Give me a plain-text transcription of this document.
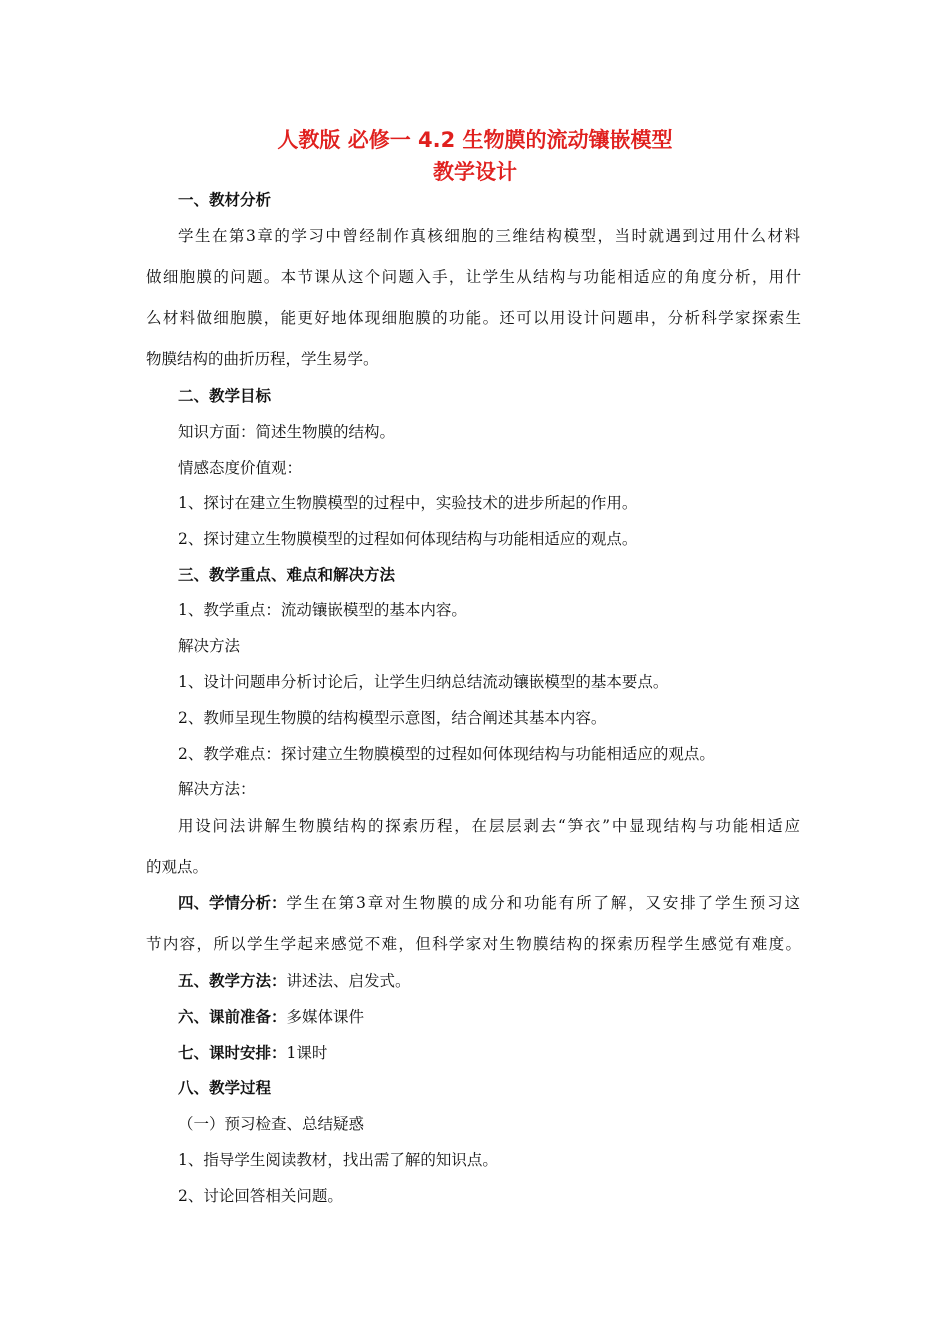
人教版 必修一 4.2 生物膜的流动镶嵌模型
教学设计
一、教材分析
学生在第3章的学习中曾经制作真核细胞的三维结构模型，当时就遇到过用什么材料
做细胞膜的问题。本节课从这个问题入手，让学生从结构与功能相适应的角度分析，用什
么材料做细胞膜，能更好地体现细胞膜的功能。还可以用设计问题串，分析科学家探索生
物膜结构的曲折历程，学生易学。
二、教学目标
知识方面：简述生物膜的结构。
情感态度价值观：
1、探讨在建立生物膜模型的过程中，实验技术的进步所起的作用。
2、探讨建立生物膜模型的过程如何体现结构与功能相适应的观点。
三、教学重点、难点和解决方法
1、教学重点：流动镶嵌模型的基本内容。
解决方法
1、设计问题串分析讨论后，让学生归纳总结流动镶嵌模型的基本要点。
2、教师呈现生物膜的结构模型示意图，结合阐述其基本内容。
2、教学难点：探讨建立生物膜模型的过程如何体现结构与功能相适应的观点。
解决方法：
用设问法讲解生物膜结构的探索历程，在层层剥去“笋衣”中显现结构与功能相适应
的观点。
四、学情分析： 学生在第3章对生物膜的成分和功能有所了解，又安排了学生预习这
节内容，所以学生学起来感觉不难，但科学家对生物膜结构的探索历程学生感觉有难度。
五、教学方法：讲述法、启发式。
六、课前准备：多媒体课件
七、课时安排：1课时
八、教学过程
（一）预习检查、总结疑惑
1、指导学生阅读教材，找出需了解的知识点。
2、讨论回答相关问题。
